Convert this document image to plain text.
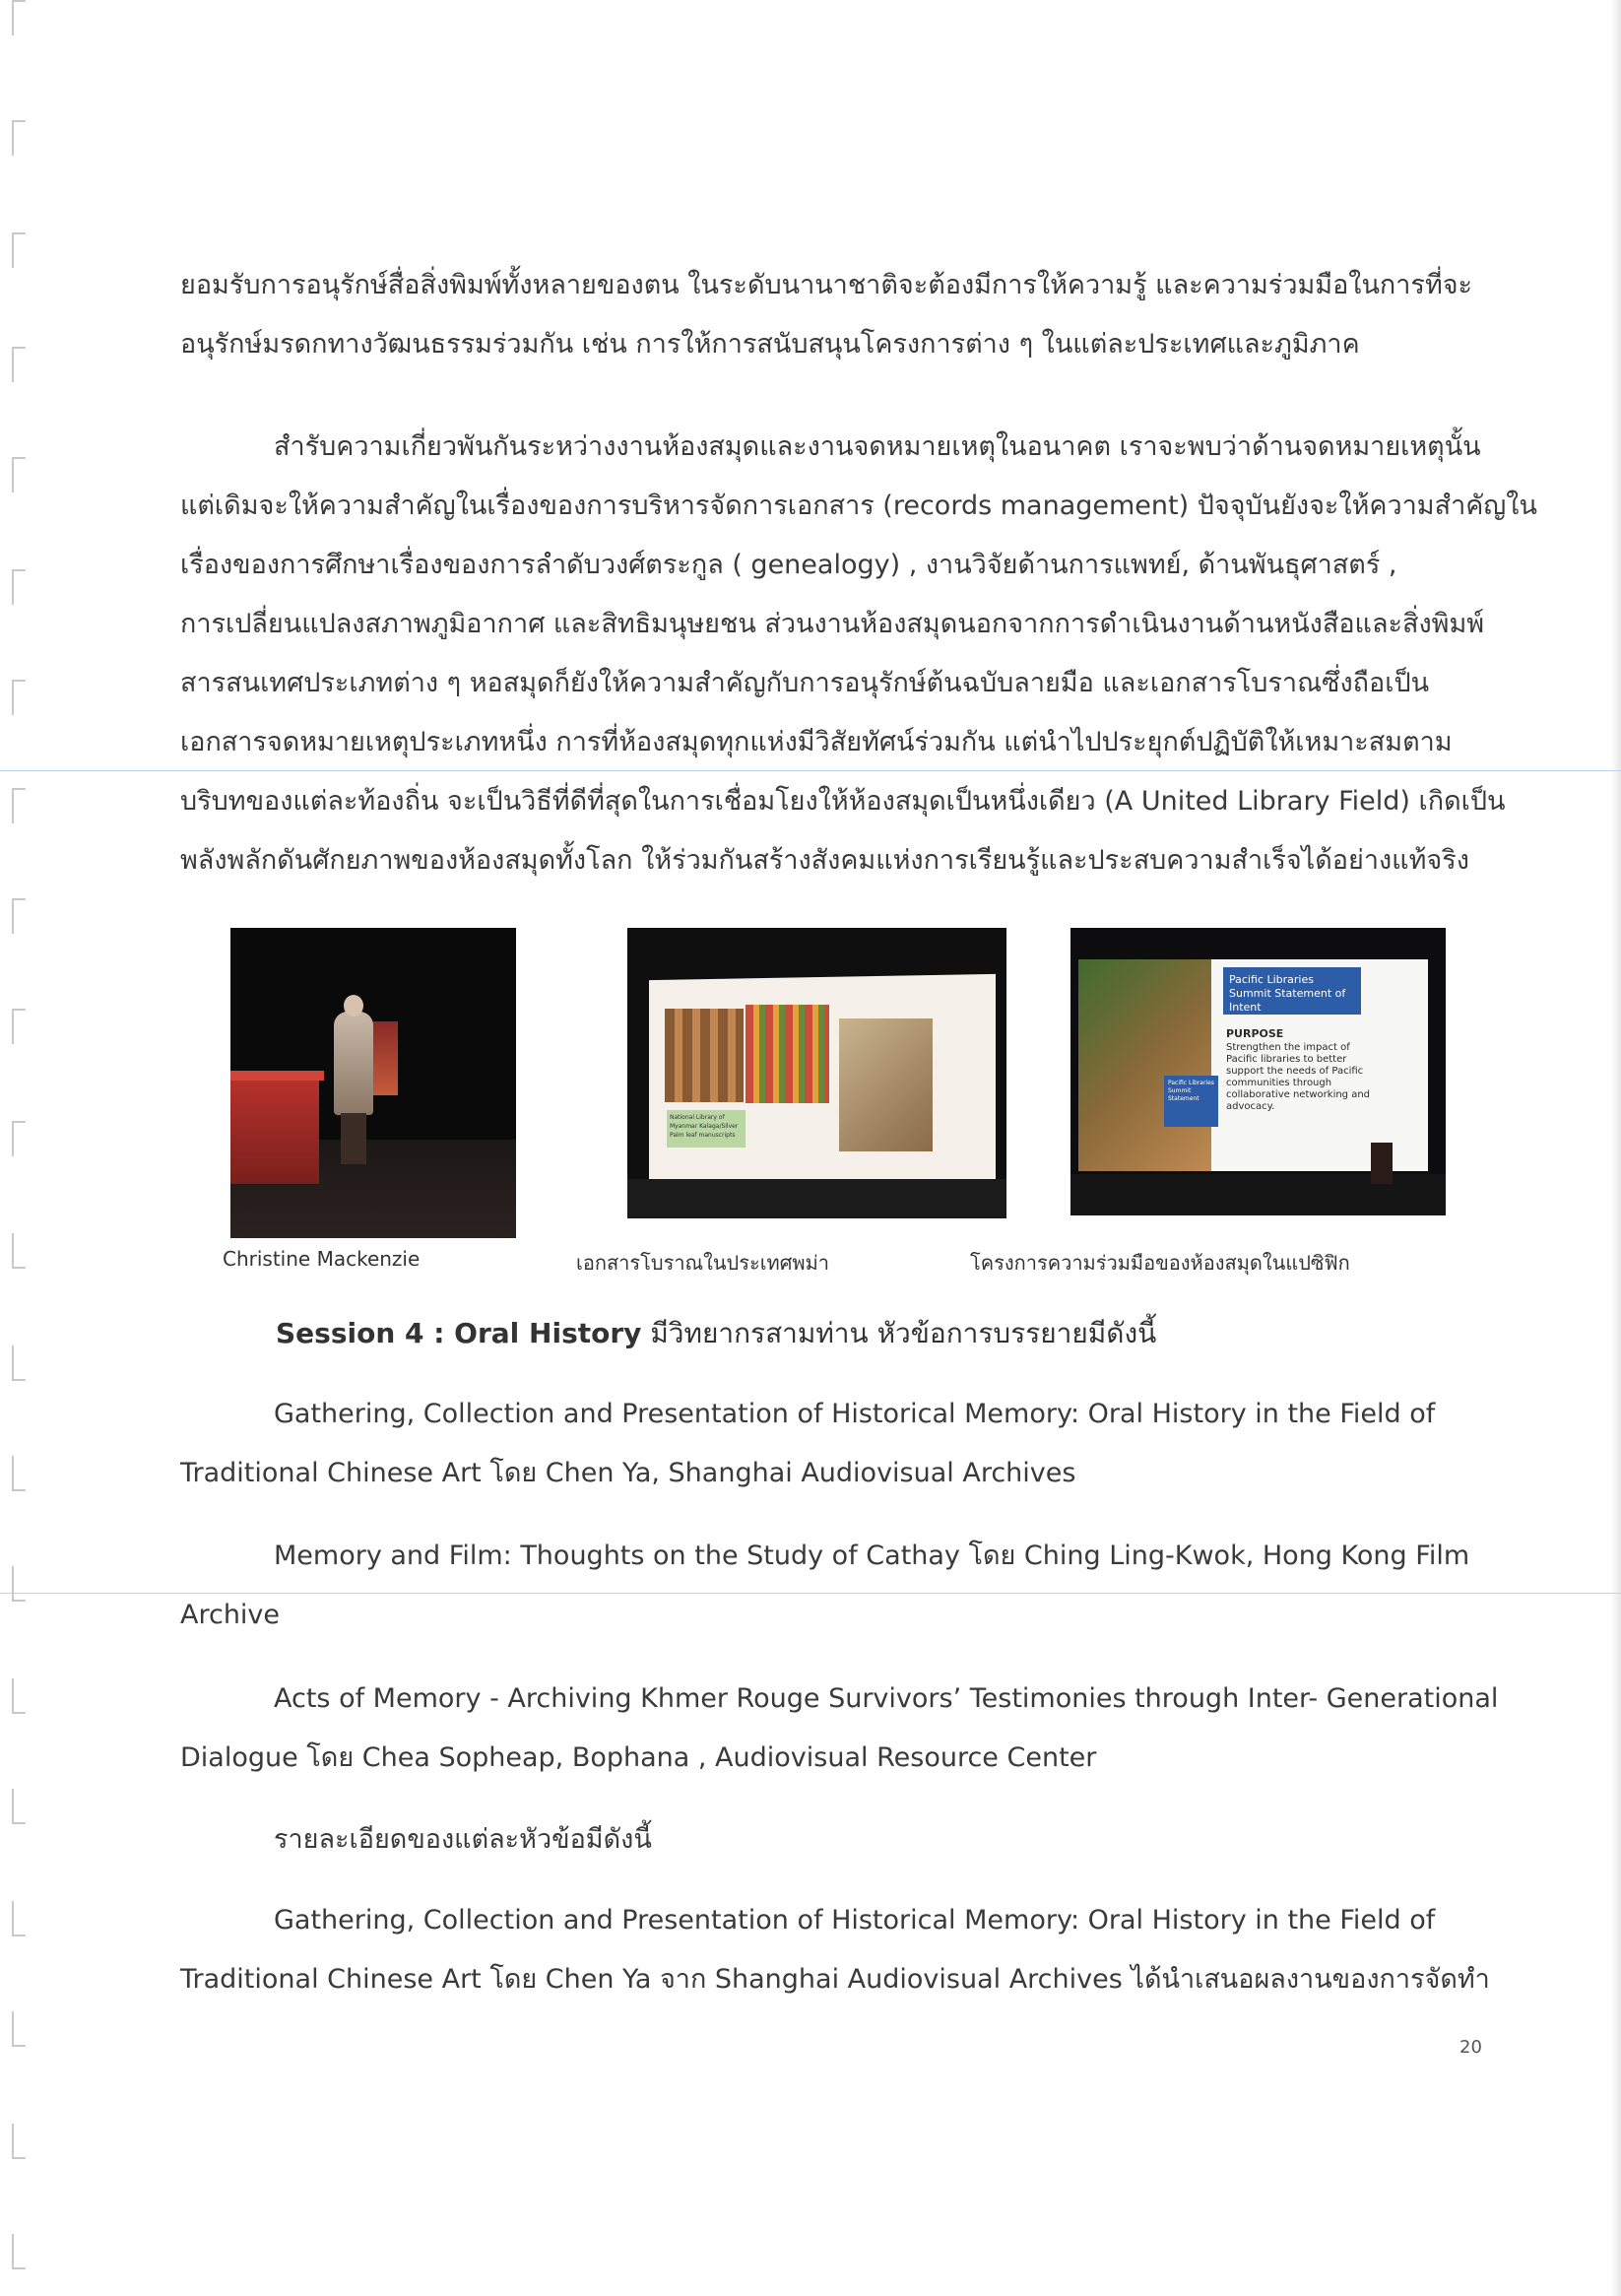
ยอมรับการอนุรักษ์สื่อสิ่งพิมพ์ทั้งหลายของตน ในระดับนานาชาติจะต้องมีการให้ความรู้ และความร่วมมือในการที่จะ
อนุรักษ์มรดกทางวัฒนธรรมร่วมกัน เช่น การให้การสนับสนุนโครงการต่าง ๆ ในแต่ละประเทศและภูมิภาค
สำรับความเกี่ยวพันกันระหว่างงานห้องสมุดและงานจดหมายเหตุในอนาคต เราจะพบว่าด้านจดหมายเหตุนั้น
แต่เดิมจะให้ความสำคัญในเรื่องของการบริหารจัดการเอกสาร (records management) ปัจจุบันยังจะให้ความสำคัญใน
เรื่องของการศึกษาเรื่องของการลำดับวงศ์ตระกูล ( genealogy) , งานวิจัยด้านการแพทย์, ด้านพันธุศาสตร์ ,
การเปลี่ยนแปลงสภาพภูมิอากาศ และสิทธิมนุษยชน ส่วนงานห้องสมุดนอกจากการดำเนินงานด้านหนังสือและสิ่งพิมพ์
สารสนเทศประเภทต่าง ๆ หอสมุดก็ยังให้ความสำคัญกับการอนุรักษ์ต้นฉบับลายมือ และเอกสารโบราณซึ่งถือเป็น
เอกสารจดหมายเหตุประเภทหนึ่ง การที่ห้องสมุดทุกแห่งมีวิสัยทัศน์ร่วมกัน แต่นำไปประยุกต์ปฏิบัติให้เหมาะสมตาม
บริบทของแต่ละท้องถิ่น จะเป็นวิธีที่ดีที่สุดในการเชื่อมโยงให้ห้องสมุดเป็นหนึ่งเดียว (A United Library Field) เกิดเป็น
พลังพลักดันศักยภาพของห้องสมุดทั้งโลก ให้ร่วมกันสร้างสังคมแห่งการเรียนรู้และประสบความสำเร็จได้อย่างแท้จริง
Christine Mackenzie
National Library of Myanmar Kalaga/Silver Palm leaf manuscripts
เอกสารโบราณในประเทศพม่า
Pacific Libraries Summit Statement of Intent
PURPOSE
Strengthen the impact of Pacific libraries to better support the needs of Pacific communities through collaborative networking and advocacy.
Pacific Libraries Summit Statement
โครงการความร่วมมือของห้องสมุดในแปซิฟิก
Session 4 : Oral History มีวิทยากรสามท่าน หัวข้อการบรรยายมีดังนี้
Gathering, Collection and Presentation of Historical Memory: Oral History in the Field of
Traditional Chinese Art โดย Chen Ya, Shanghai Audiovisual Archives
Memory and Film: Thoughts on the Study of Cathay โดย Ching Ling-Kwok, Hong Kong Film
Archive
Acts of Memory - Archiving Khmer Rouge Survivors’ Testimonies through Inter- Generational
Dialogue โดย Chea Sopheap, Bophana , Audiovisual Resource Center
รายละเอียดของแต่ละหัวข้อมีดังนี้
Gathering, Collection and Presentation of Historical Memory: Oral History in the Field of
Traditional Chinese Art โดย Chen Ya จาก Shanghai Audiovisual Archives ได้นำเสนอผลงานของการจัดทำ
20
